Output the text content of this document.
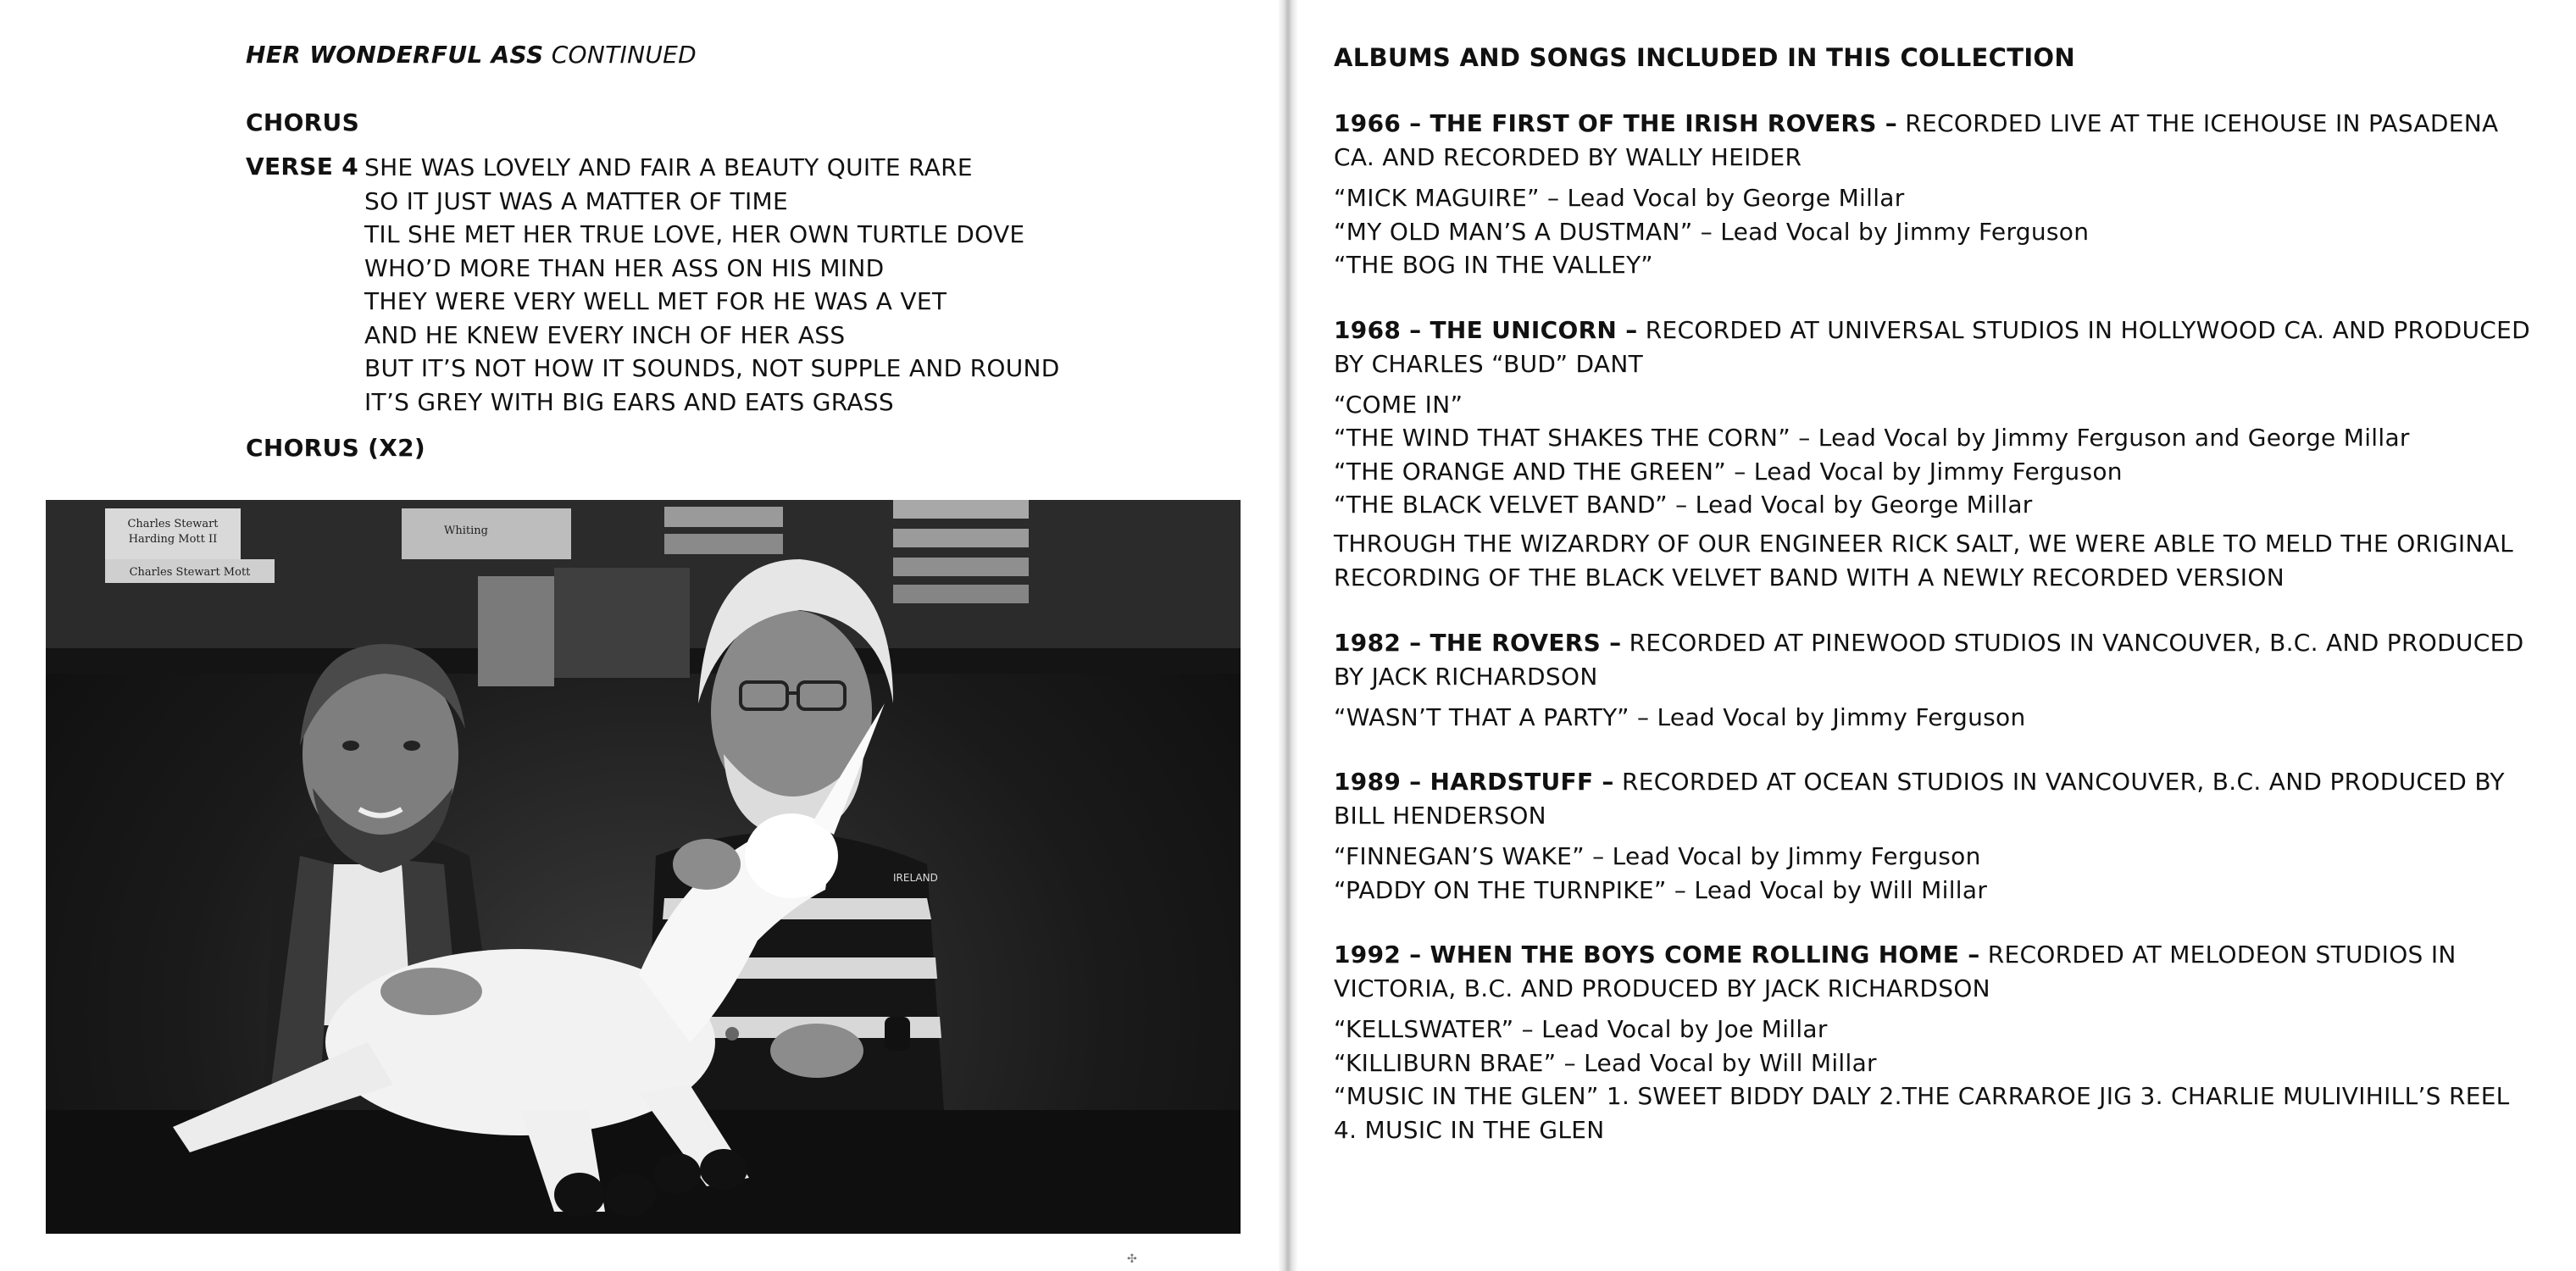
HER WONDERFUL ASS CONTINUED
CHORUS
VERSE 4 SHE WAS LOVELY AND FAIR A BEAUTY QUITE RARE
SO IT JUST WAS A MATTER OF TIME
TIL SHE MET HER TRUE LOVE, HER OWN TURTLE DOVE
WHO’D MORE THAN HER ASS ON HIS MIND
THEY WERE VERY WELL MET FOR HE WAS A VET
AND HE KNEW EVERY INCH OF HER ASS
BUT IT’S NOT HOW IT SOUNDS, NOT SUPPLE AND ROUND
IT’S GREY WITH BIG EARS AND EATS GRASS
CHORUS (X2)
Charles Stewart
Harding Mott II
Charles Stewart Mott
Whiting
IRELAND
✣
ALBUMS AND SONGS INCLUDED IN THIS COLLECTION

1966 – THE FIRST OF THE IRISH ROVERS – RECORDED LIVE AT THE ICEHOUSE IN PASADENA CA. AND RECORDED BY WALLY HEIDER

“MICK MAGUIRE” – Lead Vocal by George Millar
“MY OLD MAN’S A DUSTMAN” – Lead Vocal by Jimmy Ferguson
“THE BOG IN THE VALLEY”

1968 – THE UNICORN – RECORDED AT UNIVERSAL STUDIOS IN HOLLYWOOD CA. AND PRODUCED BY CHARLES “BUD” DANT

“COME IN”
“THE WIND THAT SHAKES THE CORN” – Lead Vocal by Jimmy Ferguson and George Millar
“THE ORANGE AND THE GREEN” – Lead Vocal by Jimmy Ferguson
“THE BLACK VELVET BAND” – Lead Vocal by George Millar

THROUGH THE WIZARDRY OF OUR ENGINEER RICK SALT, WE WERE ABLE TO MELD THE ORIGINAL RECORDING OF THE BLACK VELVET BAND WITH A NEWLY RECORDED VERSION

1982 – THE ROVERS – RECORDED AT PINEWOOD STUDIOS IN VANCOUVER, B.C. AND PRODUCED BY JACK RICHARDSON

“WASN’T THAT A PARTY” – Lead Vocal by Jimmy Ferguson

1989 – HARDSTUFF – RECORDED AT OCEAN STUDIOS IN VANCOUVER, B.C. AND PRODUCED BY BILL HENDERSON

“FINNEGAN’S WAKE” – Lead Vocal by Jimmy Ferguson
“PADDY ON THE TURNPIKE” – Lead Vocal by Will Millar

1992 – WHEN THE BOYS COME ROLLING HOME – RECORDED AT MELODEON STUDIOS IN VICTORIA, B.C. AND PRODUCED BY JACK RICHARDSON

“KELLSWATER” – Lead Vocal by Joe Millar
“KILLIBURN BRAE” – Lead Vocal by Will Millar
“MUSIC IN THE GLEN” 1. SWEET BIDDY DALY 2.THE CARRAROE JIG 3. CHARLIE MULIVIHILL’S REEL
4. MUSIC IN THE GLEN
